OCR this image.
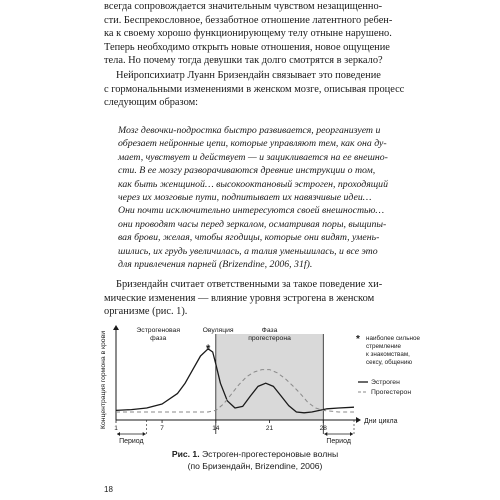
всегда сопровождается значительным чувством незащищенно-
сти. Беспрекословное, беззаботное отношение латентного ребен-
ка к своему хорошо функционирующему телу отныне нарушено.
Теперь необходимо открыть новые отношения, новое ощущение
тела. Но почему тогда девушки так долго смотрятся в зеркало?

Нейропсихиатр Луанн Бризендайн связывает это поведение
с гормональными изменениями в женском мозге, описывая процесс
следующим образом:

Мозг девочки-подростка быстро развивается, реорганизует и
обрезает нейронные цепи, которые управляют тем, как она ду-
мает, чувствует и действует — и зацикливается на ее внешно-
сти. В ее мозгу разворачиваются древние инструкции о том,
как быть женщиной… высокооктановый эстроген, проходящий
через их мозговые пути, подпитывает их навязчивые идеи…
Они почти исключительно интересуются своей внешностью…
они проводят часы перед зеркалом, осматривая поры, выщипы-
вая брови, желая, чтобы ягодицы, которые они видят, умень-
шились, их грудь увеличилась, а талия уменьшилась, и все это
для привлечения парней (Brizendine, 2006, 31f).

Бризендайн считает ответственными за такое поведение хи-
мические изменения — влияние уровня эстрогена в женском
организме (рис. 1).

1	7	14	21	28
Период	Период
*
Эстрогеновая
фаза
Овуляция	Фаза
прогестерона
Концентрация гормона в крови	Дни цикла
* наиболее сильное
стремление
к знакомствам,
сексу, общению
Эстроген
Прогестерон
Рис. 1. Эстроген-прогестероновые волны
(по Бризендайн, Brizendine, 2006)
18
